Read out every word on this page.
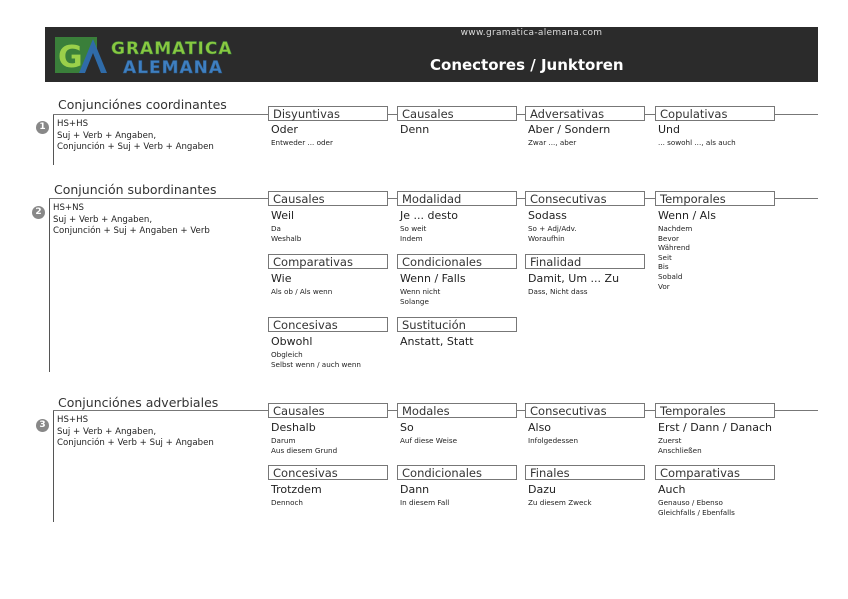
G GRAMATICA
ALEMANA
www.gramatica-alemana.com
Conectores / Junktoren
Conjunciónes coordinantes
1	HS+HS
Suj + Verb + Angaben,
Conjunción + Suj + Verb + Angaben
Disyuntivas
Oder
Entweder ... oder
Causales
Denn
Adversativas
Aber / Sondern
Zwar ..., aber
Copulativas
Und
... sowohl ..., als auch
Conjunción subordinantes
2	HS+NS
Suj + Verb + Angaben,
Conjunción + Suj + Angaben + Verb
Causales
Weil
Da
Weshalb
Modalidad
Je ... desto
So weit
Indem
Consecutivas
Sodass
So + Adj/Adv.
Woraufhin
Temporales
Wenn / Als
Nachdem
Bevor
Während
Seit
Bis
Sobald
Vor
Comparativas
Wie
Als ob / Als wenn
Condicionales
Wenn / Falls
Wenn nicht
Solange
Finalidad
Damit, Um ... Zu
Dass, Nicht dass
Concesivas
Obwohl
Obgleich
Selbst wenn / auch wenn
Sustitución
Anstatt, Statt
Conjunciónes adverbiales
3	HS+HS
Suj + Verb + Angaben,
Conjunción + Verb + Suj + Angaben
Causales
Deshalb
Darum
Aus diesem Grund
Modales
So
Auf diese Weise
Consecutivas
Also
Infolgedessen
Temporales
Erst / Dann / Danach
Zuerst
Anschließen
Concesivas
Trotzdem
Dennoch
Condicionales
Dann
In diesem Fall
Finales
Dazu
Zu diesem Zweck
Comparativas
Auch
Genauso / Ebenso
Gleichfalls / Ebenfalls
